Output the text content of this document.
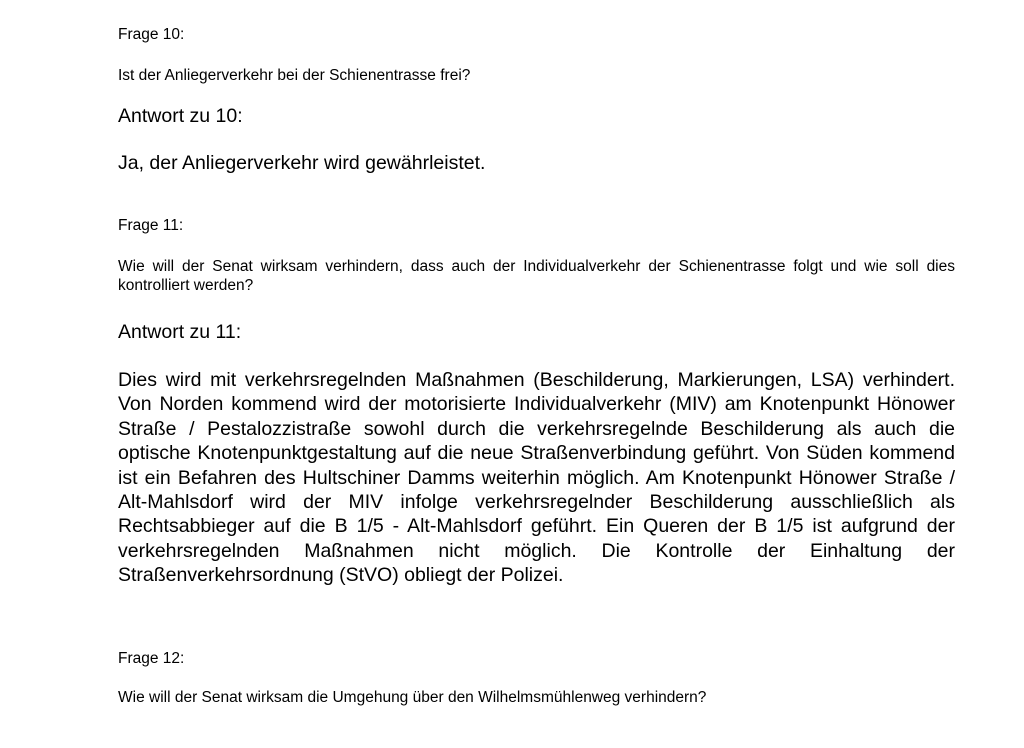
Frage 10:

Ist der Anliegerverkehr bei der Schienentrasse frei?

Antwort zu 10:

Ja, der Anliegerverkehr wird gewährleistet.

Frage 11:

Wie will der Senat wirksam verhindern, dass auch der Individualverkehr der Schienentrasse folgt und wie soll dies kontrolliert werden?

Antwort zu 11:

Dies wird mit verkehrsregelnden Maßnahmen (Beschilderung, Markierungen, LSA) verhindert. Von Norden kommend wird der motorisierte Individualverkehr (MIV) am Knotenpunkt Hönower Straße / Pestalozzistraße sowohl durch die verkehrsregelnde Beschilderung als auch die optische Knotenpunktgestaltung auf die neue Straßenverbindung geführt. Von Süden kommend ist ein Befahren des Hultschiner Damms weiterhin möglich. Am Knotenpunkt Hönower Straße / Alt-Mahlsdorf wird der MIV infolge verkehrsregelnder Beschilderung ausschließlich als Rechtsabbieger auf die B 1/5 - Alt-Mahlsdorf geführt. Ein Queren der B 1/5 ist aufgrund der verkehrsregelnden Maßnahmen nicht möglich. Die Kontrolle der Einhaltung der Straßenverkehrsordnung (StVO) obliegt der Polizei.

Frage 12:

Wie will der Senat wirksam die Umgehung über den Wilhelmsmühlenweg verhindern?
